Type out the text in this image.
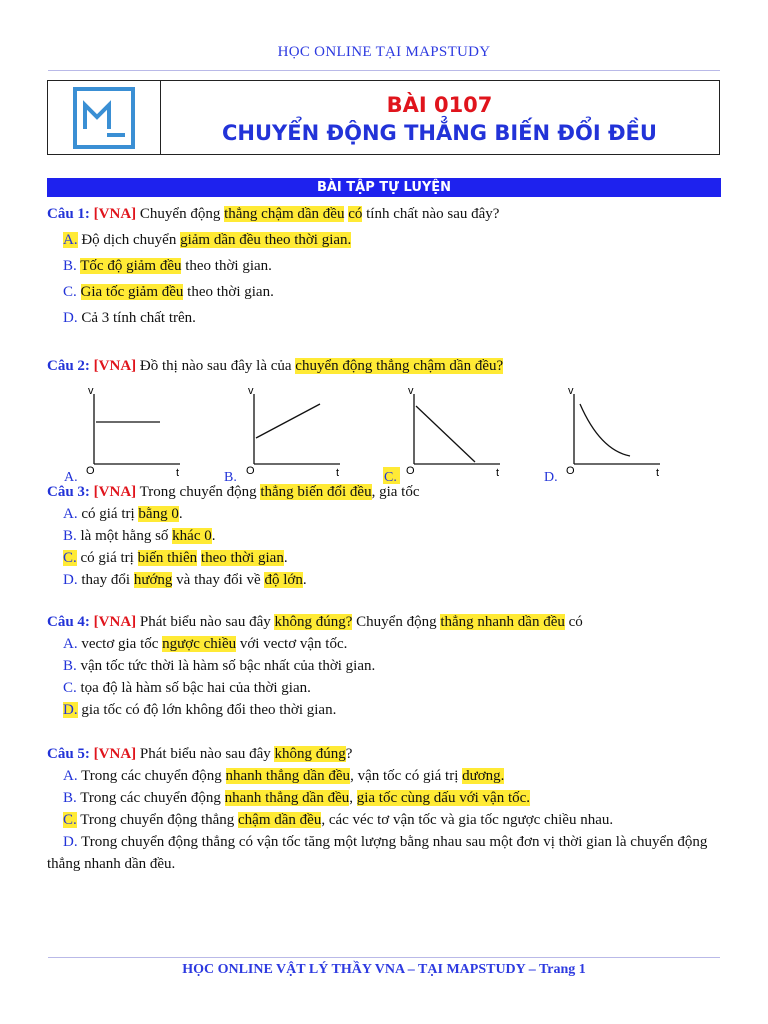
HỌC ONLINE TẠI MAPSTUDY
BÀI 0107
CHUYỂN ĐỘNG THẲNG BIẾN ĐỔI ĐỀU
BÀI TẬP TỰ LUYỆN

Câu 1: [VNA] Chuyển động thẳng chậm dần đều có tính chất nào sau đây?

A. Độ dịch chuyển giảm dần đều theo thời gian.
B. Tốc độ giảm đều theo thời gian.
C. Gia tốc giảm đều theo thời gian.
D. Cả 3 tính chất trên.

Câu 2: [VNA] Đồ thị nào sau đây là của chuyển động thẳng chậm dần đều?

Câu 3: [VNA] Trong chuyển động thẳng biến đổi đều, gia tốc

A. có giá trị bằng 0.
B. là một hằng số khác 0.
C. có giá trị biến thiên theo thời gian.
D. thay đổi hướng và thay đổi về độ lớn.

Câu 4: [VNA] Phát biểu nào sau đây không đúng? Chuyển động thẳng nhanh dần đều có

A. vectơ gia tốc ngược chiều với vectơ vận tốc.
B. vận tốc tức thời là hàm số bậc nhất của thời gian.
C. tọa độ là hàm số bậc hai của thời gian.
D. gia tốc có độ lớn không đổi theo thời gian.

Câu 5: [VNA] Phát biểu nào sau đây không đúng?

A. Trong các chuyển động nhanh thẳng dần đều, vận tốc có giá trị dương.
B. Trong các chuyển động nhanh thẳng dần đều, gia tốc cùng dấu với vận tốc.
C. Trong chuyển động thẳng chậm dần đều, các véc tơ vận tốc và gia tốc ngược chiều nhau.
D. Trong chuyển động thẳng có vận tốc tăng một lượng bằng nhau sau một đơn vị thời gian là chuyển động thẳng nhanh dần đều.
v
t
O
A.
v
t
O
B.
v
t
O
C.
v
t
O
D.
HỌC ONLINE VẬT LÝ THẦY VNA – TẠI MAPSTUDY – Trang 1
